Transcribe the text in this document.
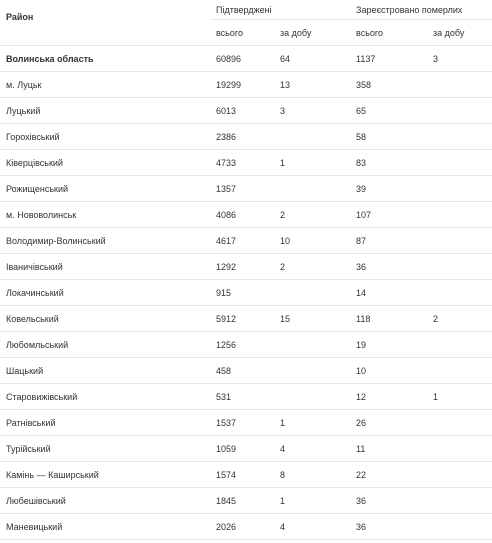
Район	Підтверджені		Зареєстровано померлих	
	всього	за добу	всього	за добу
Волинська область	60896	64	1137	3
м. Луцьк	19299	13	358	
Луцький	6013	3	65	
Горохівський	2386		58	
Ківерцівський	4733	1	83	
Рожищенський	1357		39	
м. Нововолинськ	4086	2	107	
Володимир-Волинський	4617	10	87	
Іваничівський	1292	2	36	
Локачинський	915		14	
Ковельський	5912	15	118	2
Любомльський	1256		19	
Шацький	458		10	
Старовижівський	531		12	1
Ратнівський	1537	1	26	
Турійський	1059	4	11	
Камінь — Каширський	1574	8	22	
Любешівський	1845	1	36	
Маневицький	2026	4	36	
